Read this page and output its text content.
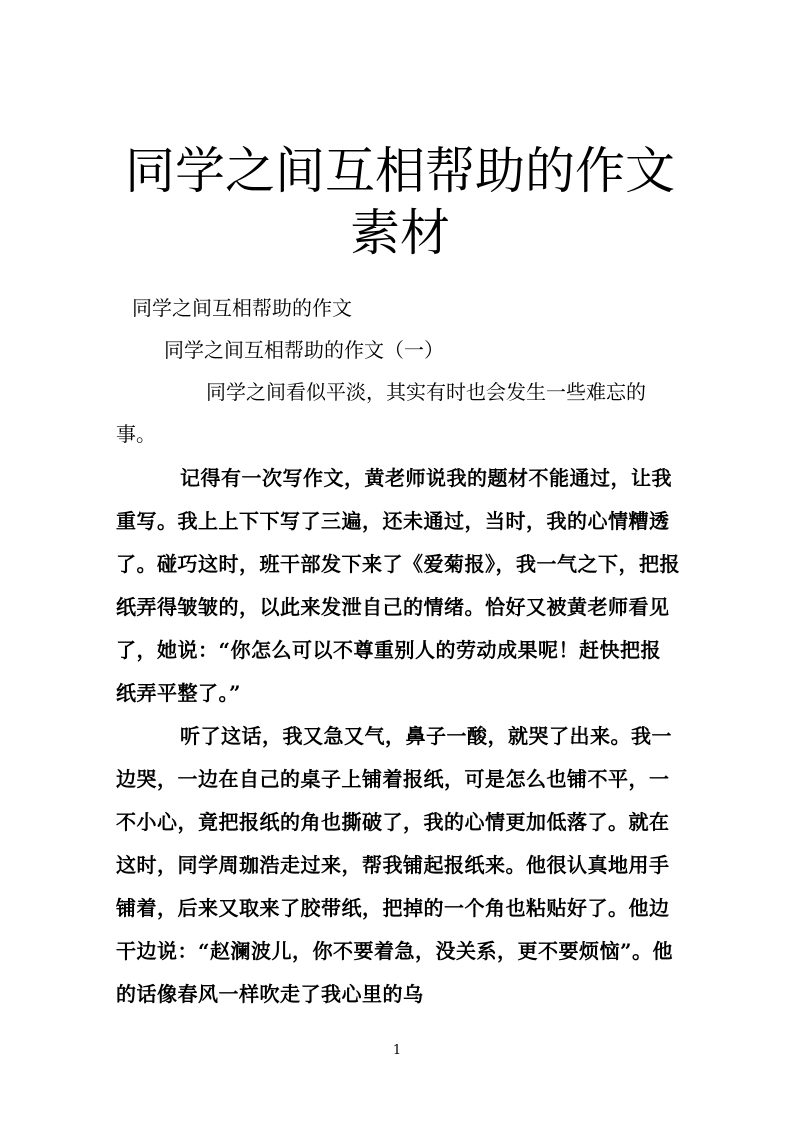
同学之间互相帮助的作文
素材

同学之间互相帮助的作文

同学之间互相帮助的作文（一）

同学之间看似平淡，其实有时也会发生一些难忘的

事。

记得有一次写作文，黄老师说我的题材不能通过，让我重写。我上上下下写了三遍，还未通过，当时，我的心情糟透了。碰巧这时，班干部发下来了《爱菊报》，我一气之下，把报纸弄得皱皱的，以此来发泄自己的情绪。恰好又被黄老师看见了，她说：“你怎么可以不尊重别人的劳动成果呢！赶快把报纸弄平整了。”

听了这话，我又急又气，鼻子一酸，就哭了出来。我一边哭，一边在自己的桌子上铺着报纸，可是怎么也铺不平，一不小心，竟把报纸的角也撕破了，我的心情更加低落了。就在这时，同学周珈浩走过来，帮我铺起报纸来。他很认真地用手铺着，后来又取来了胶带纸，把掉的一个角也粘贴好了。他边干边说：“赵澜波儿，你不要着急，没关系，更不要烦恼”。他的话像春风一样吹走了我心里的乌

1
